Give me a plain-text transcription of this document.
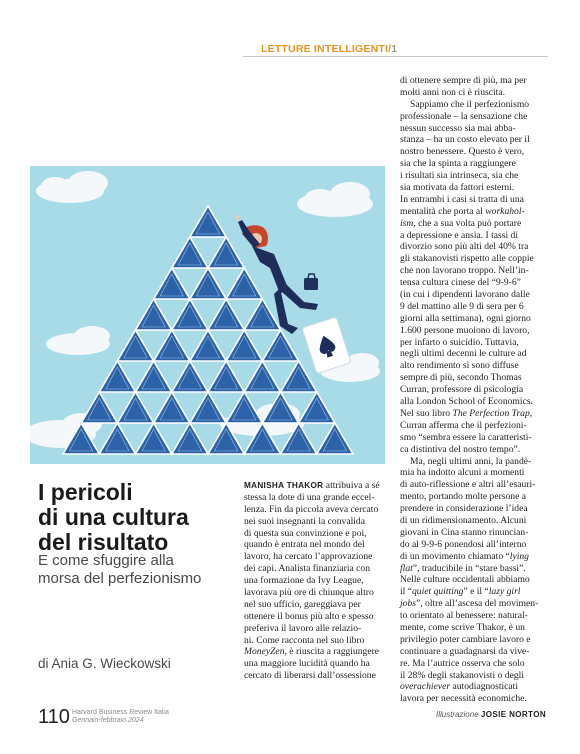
LETTURE INTELLIGENTI/1
I pericoli
di una cultura
del risultato
E come sfuggire alla
morsa del perfezionismo
di Ania G. Wieckowski
MANISHA THAKOR attribuiva a sé
stessa la dote di una grande eccel-
lenza. Fin da piccola aveva cercato
nei suoi insegnanti la convalida
di questa sua convinzione e poi,
quando è entrata nel mondo del
lavoro, ha cercato l’approvazione
dei capi. Analista finanziaria con
una formazione da Ivy League,
lavorava più ore di chiunque altro
nel suo ufficio, gareggiava per
ottenere il bonus più alto e spesso
preferiva il lavoro alle relazio-
ni. Come racconta nel suo libro
MoneyZen, è riuscita a raggiungere
una maggiore lucidità quando ha
cercato di liberarsi dall’ossessione
di ottenere sempre di più, ma per
molti anni non ci è riuscita.
Sappiamo che il perfezionismo
professionale – la sensazione che
nessun successo sia mai abba-
stanza – ha un costo elevato per il
nostro benessere. Questo è vero,
sia che la spinta a raggiungere
i risultati sia intrinseca, sia che
sia motivata da fattori esterni.
In entrambi i casi si tratta di una
mentalità che porta al workahol-
ism, che a sua volta può portare
a depressione e ansia. I tassi di
divorzio sono più alti del 40% tra
gli stakanovisti rispetto alle coppie
che non lavorano troppo. Nell’in-
tensa cultura cinese del “9-9-6”
(in cui i dipendenti lavorano dalle
9 del mattino alle 9 di sera per 6
giorni alla settimana), ogni giorno
1.600 persone muoiono di lavoro,
per infarto o suicidio. Tuttavia,
negli ultimi decenni le culture ad
alto rendimento si sono diffuse
sempre di più, secondo Thomas
Curran, professore di psicologia
alla London School of Economics.
Nel suo libro The Perfection Trap,
Curran afferma che il perfezioni-
smo “sembra essere la caratteristi-
ca distintiva del nostro tempo”.
Ma, negli ultimi anni, la pandè-
mia ha indotto alcuni a momenti
di auto-riflessione e altri all’esauri-
mento, portando molte persone a
prendere in considerazione l’idea
di un ridimensionamento. Alcuni
giovani in Cina stanno rinuncian-
do al 9-9-6 ponendosi all’interno
di un movimento chiamato “lying
flat”, traducibile in “stare bassi”.
Nelle culture occidentali abbiamo
il “quiet quitting” e il “lazy girl
jobs”, oltre all’ascesa del movimen-
to orientato al benessere: natural-
mente, come scrive Thakor, è un
privilegio poter cambiare lavoro e
continuare a guadagnarsi da vive-
re. Ma l’autrice osserva che solo
il 28% degli stakanovisti o degli
overachiever autodiagnosticati
lavora per necessità economiche.
110 Harvard Business Review Italia
Gennaio-febbraio 2024
Illustrazione JOSIE NORTON
